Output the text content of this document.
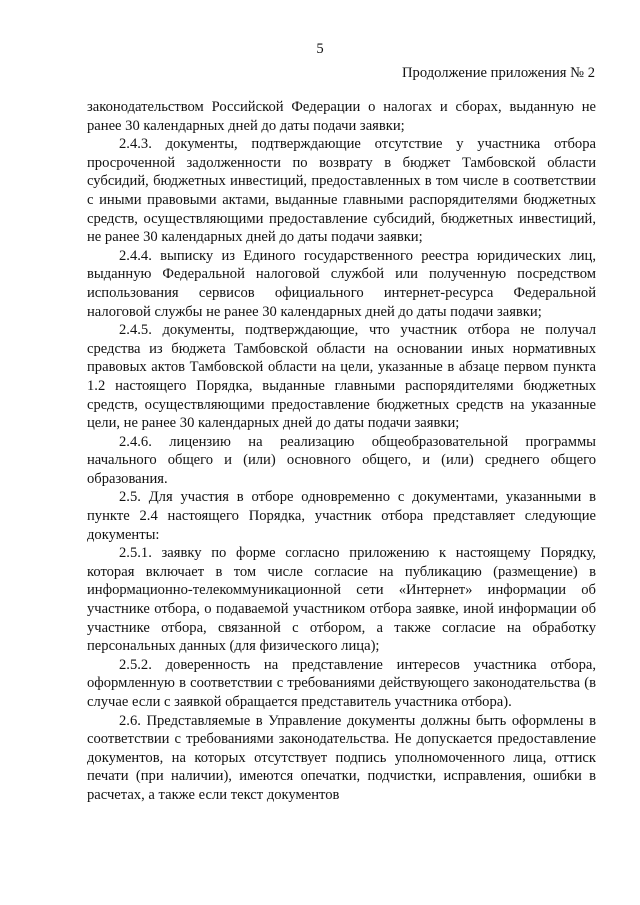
5
Продолжение приложения № 2

законодательством Российской Федерации о налогах и сборах, выданную не ранее 30 календарных дней до даты подачи заявки;

2.4.3. документы, подтверждающие отсутствие у участника отбора просроченной задолженности по возврату в бюджет Тамбовской области субсидий, бюджетных инвестиций, предоставленных в том числе в соответствии с иными правовыми актами, выданные главными распорядителями бюджетных средств, осуществляющими предоставление субсидий, бюджетных инвестиций, не ранее 30 календарных дней до даты подачи заявки;

2.4.4. выписку из Единого государственного реестра юридических лиц, выданную Федеральной налоговой службой или полученную посредством использования сервисов официального интернет-ресурса Федеральной налоговой службы не ранее 30 календарных дней до даты подачи заявки;

2.4.5. документы, подтверждающие, что участник отбора не получал средства из бюджета Тамбовской области на основании иных нормативных правовых актов Тамбовской области на цели, указанные в абзаце первом пункта 1.2 настоящего Порядка, выданные главными распорядителями бюджетных средств, осуществляющими предоставление бюджетных средств на указанные цели, не ранее 30 календарных дней до даты подачи заявки;

2.4.6. лицензию на реализацию общеобразовательной программы начального общего и (или) основного общего, и (или) среднего общего образования.

2.5. Для участия в отборе одновременно с документами, указанными в пункте 2.4 настоящего Порядка, участник отбора представляет следующие документы:

2.5.1. заявку по форме согласно приложению к настоящему Порядку, которая включает в том числе согласие на публикацию (размещение) в информационно-телекоммуникационной сети «Интернет» информации об участнике отбора, о подаваемой участником отбора заявке, иной информации об участнике отбора, связанной с отбором, а также согласие на обработку персональных данных (для физического лица);

2.5.2. доверенность на представление интересов участника отбора, оформленную в соответствии с требованиями действующего законодательства (в случае если с заявкой обращается представитель участника отбора).

2.6. Представляемые в Управление документы должны быть оформлены в соответствии с требованиями законодательства. Не допускается предоставление документов, на которых отсутствует подпись уполномоченного лица, оттиск печати (при наличии), имеются опечатки, подчистки, исправления, ошибки в расчетах, а также если текст документов
